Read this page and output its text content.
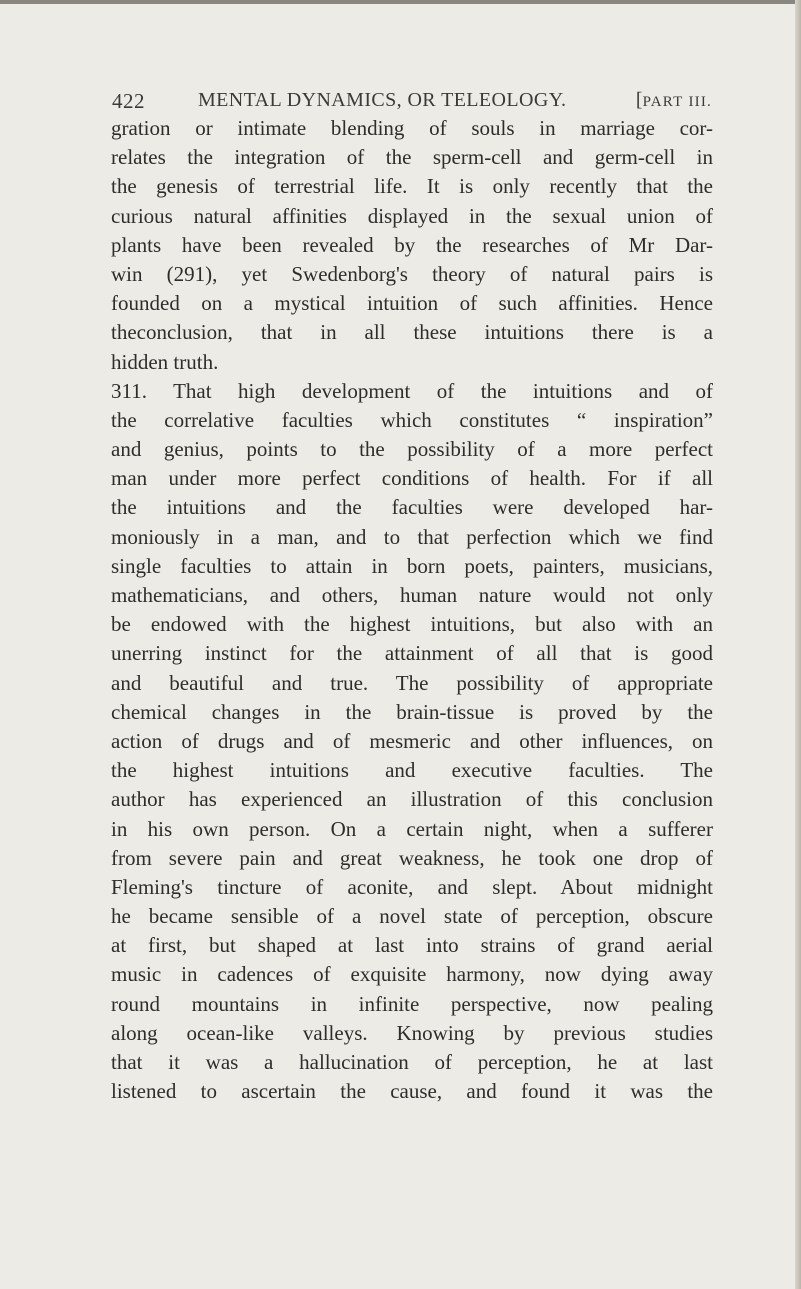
422	MENTAL DYNAMICS, OR TELEOLOGY.	[PART III.
gration or intimate blending of souls in marriage cor-
relates the integration of the sperm-cell and germ-cell in
the genesis of terrestrial life. It is only recently that the
curious natural affinities displayed in the sexual union of
plants have been revealed by the researches of Mr Dar-
win (291), yet Swedenborg's theory of natural pairs is
founded on a mystical intuition of such affinities. Hence
theconclusion, that in all these intuitions there is a
hidden truth.
311. That high development of the intuitions and of
the correlative faculties which constitutes “ inspiration”
and genius, points to the possibility of a more perfect
man under more perfect conditions of health. For if all
the intuitions and the faculties were developed har-
moniously in a man, and to that perfection which we find
single faculties to attain in born poets, painters, musicians,
mathematicians, and others, human nature would not only
be endowed with the highest intuitions, but also with an
unerring instinct for the attainment of all that is good
and beautiful and true. The possibility of appropriate
chemical changes in the brain-tissue is proved by the
action of drugs and of mesmeric and other influences, on
the highest intuitions and executive faculties. The
author has experienced an illustration of this conclusion
in his own person. On a certain night, when a sufferer
from severe pain and great weakness, he took one drop of
Fleming's tincture of aconite, and slept. About midnight
he became sensible of a novel state of perception, obscure
at first, but shaped at last into strains of grand aerial
music in cadences of exquisite harmony, now dying away
round mountains in infinite perspective, now pealing
along ocean-like valleys. Knowing by previous studies
that it was a hallucination of perception, he at last
listened to ascertain the cause, and found it was the
